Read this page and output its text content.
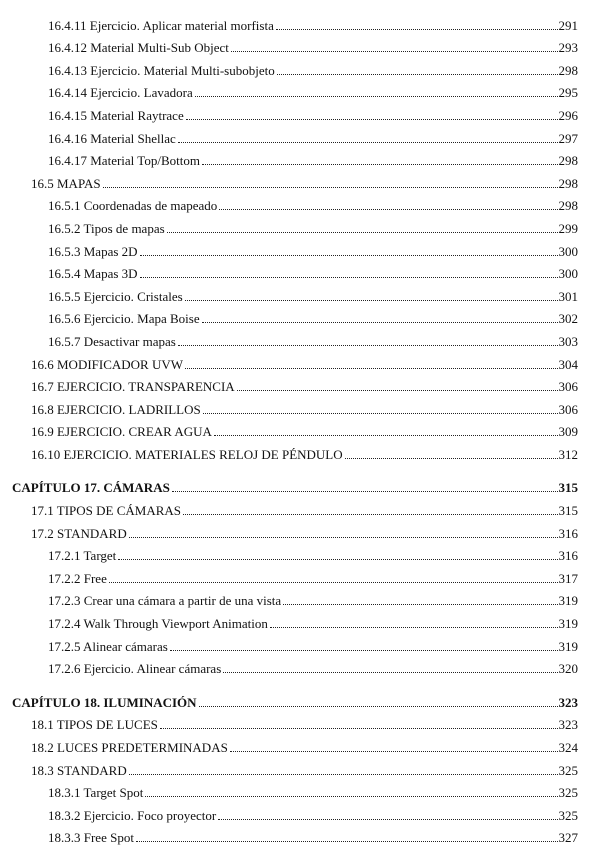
16.4.11 Ejercicio. Aplicar material morfista	291
16.4.12 Material Multi-Sub Object	293
16.4.13 Ejercicio. Material Multi-subobjeto	298
16.4.14 Ejercicio. Lavadora	295
16.4.15 Material Raytrace	296
16.4.16 Material Shellac	297
16.4.17 Material Top/Bottom	298
16.5 MAPAS	298
16.5.1 Coordenadas de mapeado	298
16.5.2 Tipos de mapas	299
16.5.3 Mapas 2D	300
16.5.4 Mapas 3D	300
16.5.5 Ejercicio. Cristales	301
16.5.6 Ejercicio. Mapa Boise	302
16.5.7 Desactivar mapas	303
16.6 MODIFICADOR UVW	304
16.7 EJERCICIO. TRANSPARENCIA	306
16.8 EJERCICIO. LADRILLOS	306
16.9 EJERCICIO. CREAR AGUA	309
16.10 EJERCICIO. MATERIALES RELOJ DE PÉNDULO	312
CAPÍTULO 17. CÁMARAS	315
17.1 TIPOS DE CÁMARAS	315
17.2 STANDARD	316
17.2.1 Target	316
17.2.2 Free	317
17.2.3 Crear una cámara a partir de una vista	319
17.2.4 Walk Through Viewport Animation	319
17.2.5 Alinear cámaras	319
17.2.6 Ejercicio. Alinear cámaras	320
CAPÍTULO 18. ILUMINACIÓN	323
18.1 TIPOS DE LUCES	323
18.2 LUCES PREDETERMINADAS	324
18.3 STANDARD	325
18.3.1 Target Spot	325
18.3.2 Ejercicio. Foco proyector	325
18.3.3 Free Spot	327
